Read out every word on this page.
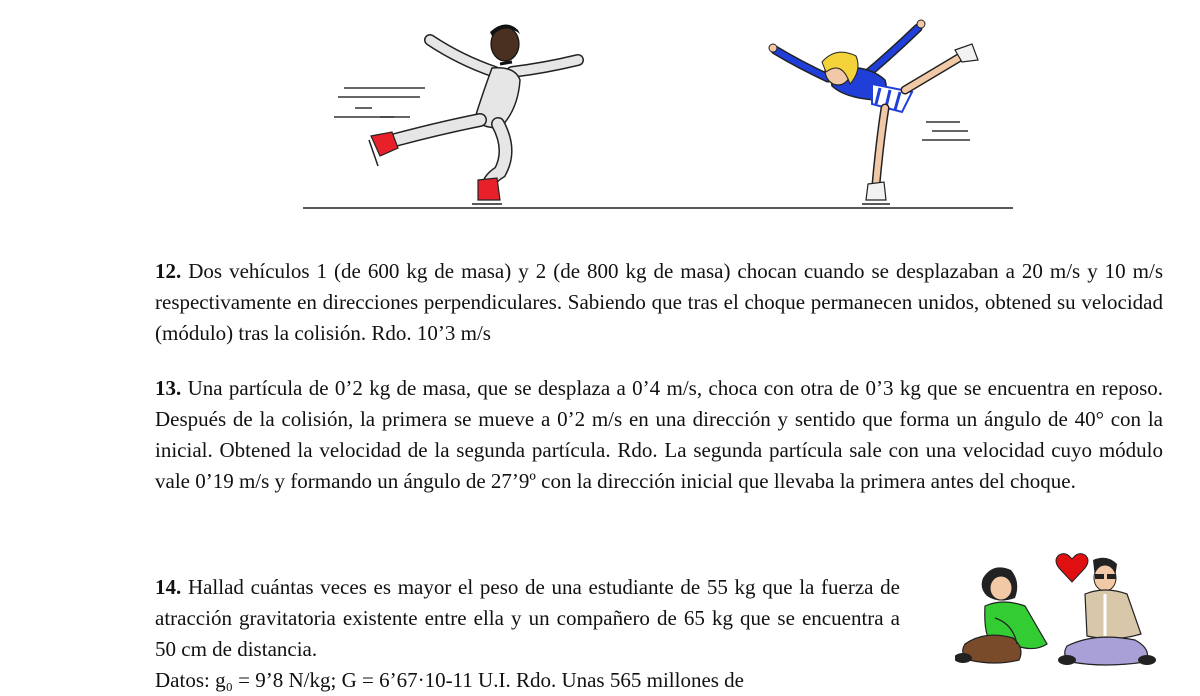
12. Dos vehículos 1 (de 600 kg de masa) y 2 (de 800 kg de masa) chocan cuando se desplazaban a 20 m/s y 10 m/s respectivamente en direcciones perpendiculares. Sabiendo que tras el choque permanecen unidos, obtened su velocidad (módulo) tras la colisión. Rdo. 10’3 m/s

13. Una partícula de 0’2 kg de masa, que se desplaza a 0’4 m/s, choca con otra de 0’3 kg que se encuentra en reposo. Después de la colisión, la primera se mueve a 0’2 m/s en una dirección y sentido que forma un ángulo de 40° con la inicial. Obtened la velocidad de la segunda partícula. Rdo. La segunda partícula sale con una velocidad cuyo módulo vale 0’19 m/s y formando un ángulo de 27’9º con la dirección inicial que llevaba la primera antes del choque.

14. Hallad cuántas veces es mayor el peso de una estudiante de 55 kg que la fuerza de atracción gravitatoria existente entre ella y un compañero de 65 kg que se encuentra a 50 cm de distancia.

Datos: g₀ = 9’8 N/kg; G = 6’67·10-11 U.I. Rdo. Unas 565 millones de
